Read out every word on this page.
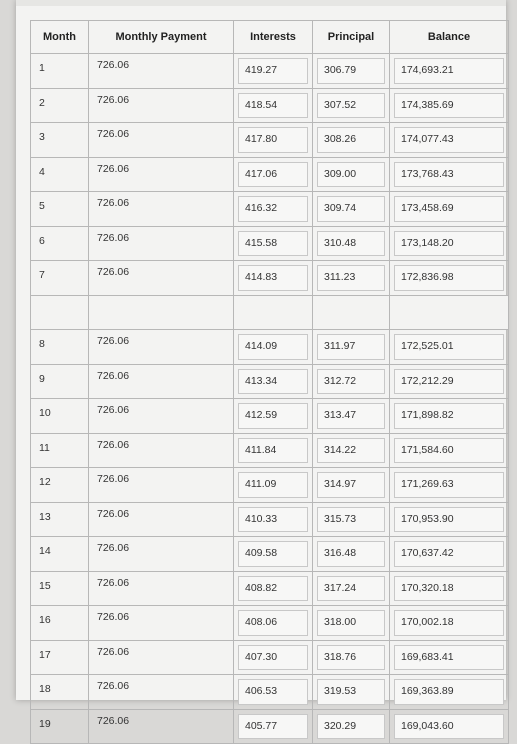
Month	Monthly Payment	Interests	Principal	Balance

1	726.06	419.27	306.79	174,693.21

2	726.06	418.54	307.52	174,385.69

3	726.06	417.80	308.26	174,077.43

4	726.06	417.06	309.00	173,768.43

5	726.06	416.32	309.74	173,458.69

6	726.06	415.58	310.48	173,148.20

7	726.06	414.83	311.23	172,836.98

8	726.06	414.09	311.97	172,525.01

9	726.06	413.34	312.72	172,212.29

10	726.06	412.59	313.47	171,898.82

11	726.06	411.84	314.22	171,584.60

12	726.06	411.09	314.97	171,269.63

13	726.06	410.33	315.73	170,953.90

14	726.06	409.58	316.48	170,637.42

15	726.06	408.82	317.24	170,320.18

16	726.06	408.06	318.00	170,002.18

17	726.06	407.30	318.76	169,683.41

18	726.06	406.53	319.53	169,363.89

19	726.06	405.77	320.29	169,043.60
